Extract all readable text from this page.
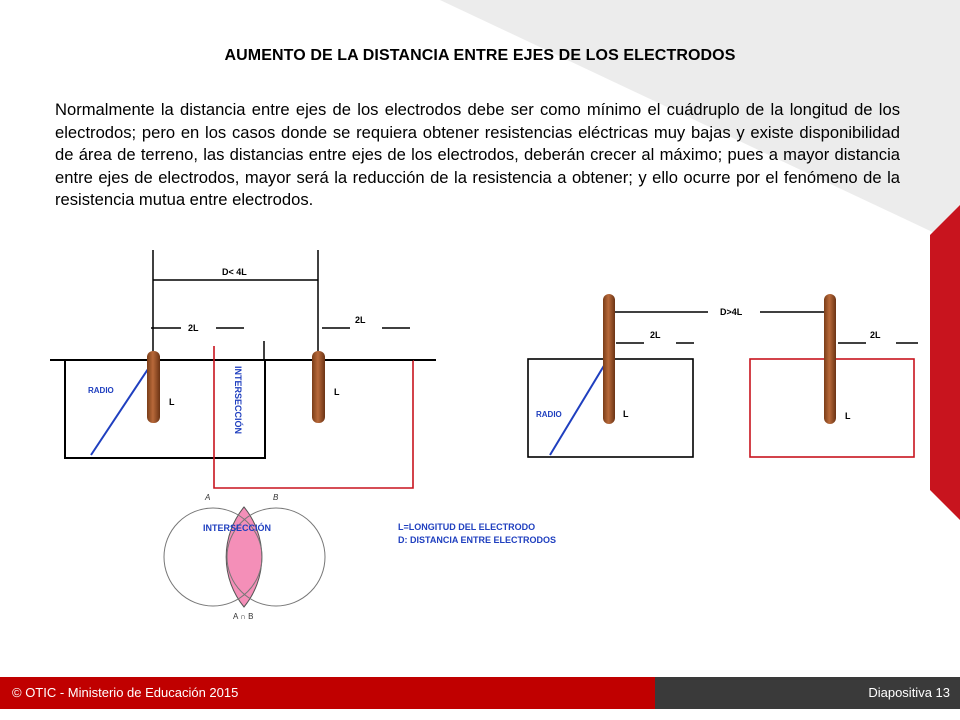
AUMENTO DE LA DISTANCIA ENTRE EJES DE LOS ELECTRODOS
Normalmente la distancia entre ejes de los electrodos debe ser como mínimo el cuádruplo de la longitud de los electrodos; pero en los casos donde se requiera obtener resistencias eléctricas muy bajas y existe disponibilidad de área de terreno, las distancias entre ejes de los electrodos, deberán crecer al máximo; pues a mayor distancia entre ejes de electrodos, mayor será la reducción de la resistencia a obtener; y ello ocurre por el fenómeno de la resistencia mutua entre electrodos.
D< 4L
2L
2L
RADIO
L
L
INTERSECCIÓN
D>4L
2L	2L
RADIO	L	L
A	B
INTERSECCIÓN
A ∩ B
L=LONGITUD DEL ELECTRODO
D: DISTANCIA ENTRE ELECTRODOS
© OTIC - Ministerio de Educación 2015	Diapositiva 13
